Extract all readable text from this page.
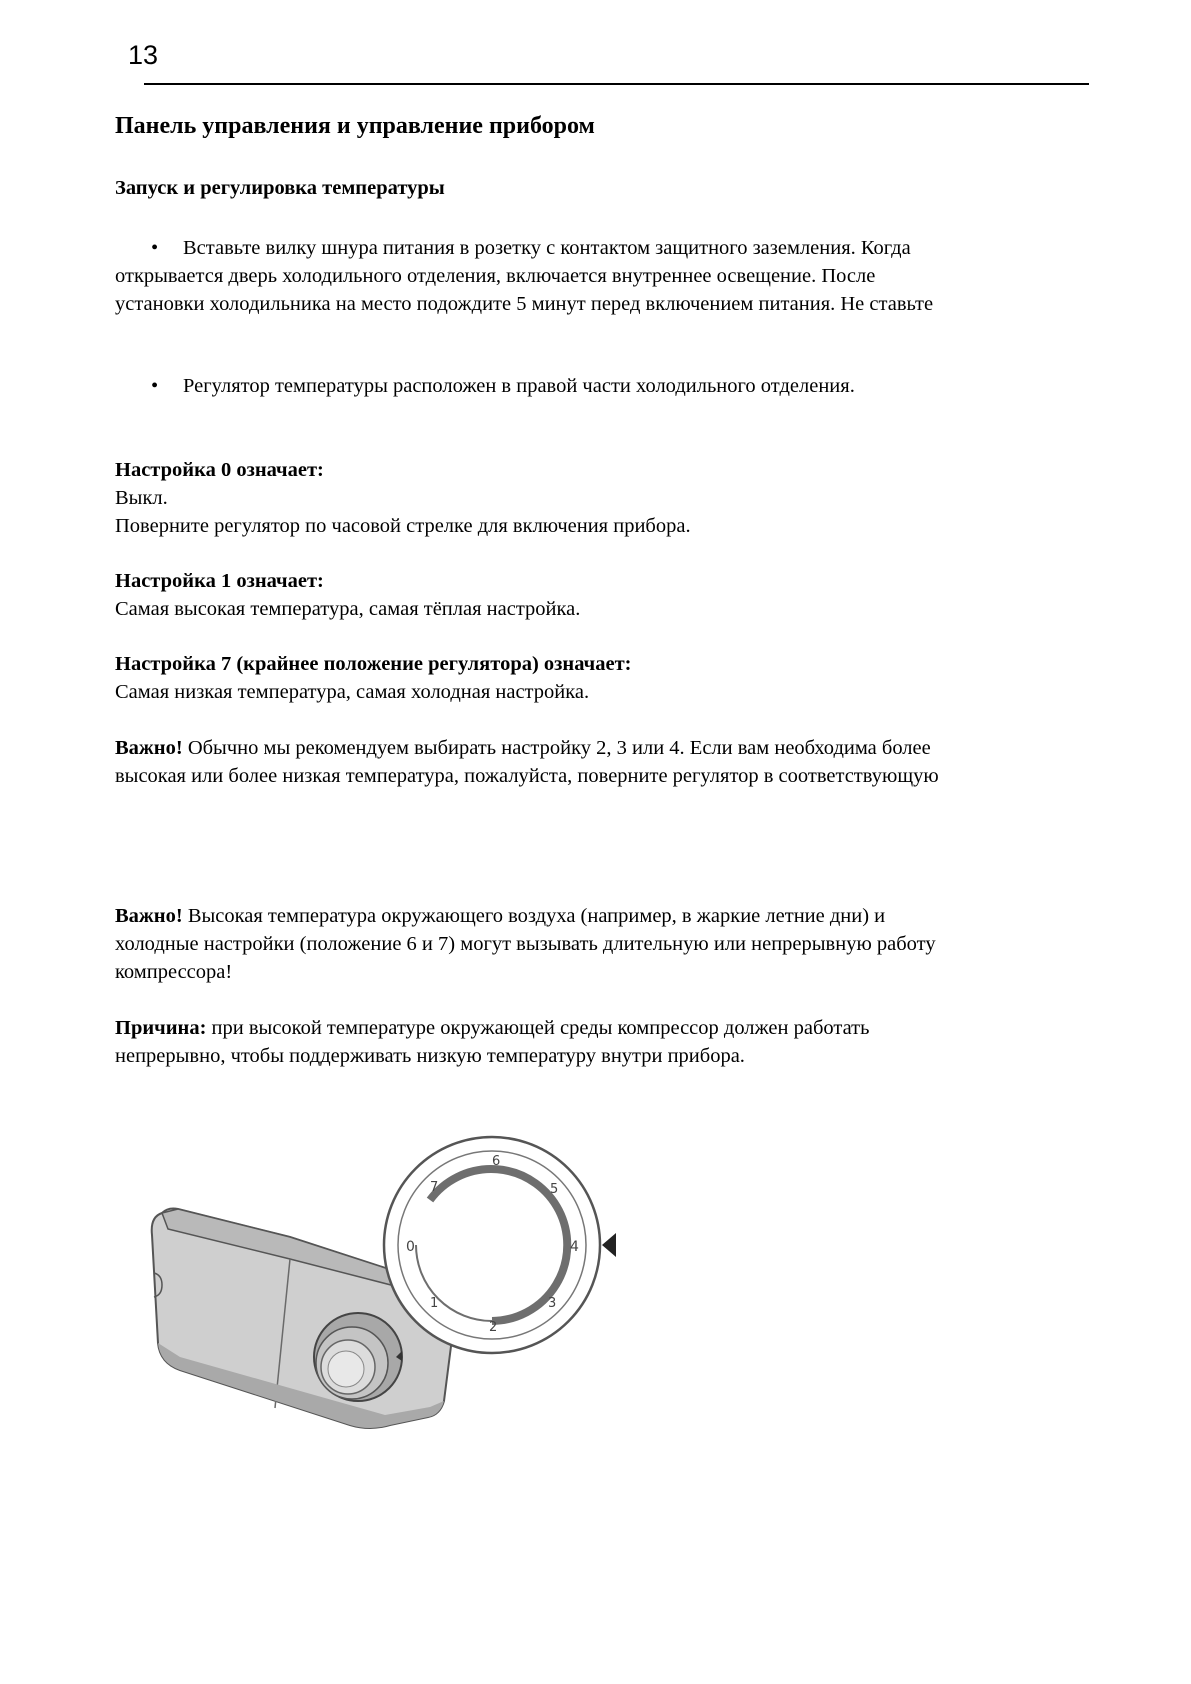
13
Панель управления и управление прибором
Запуск и регулировка температуры
• Вставьте вилку шнура питания в розетку с контактом защитного заземления. Когда
открывается дверь холодильного отделения, включается внутреннее освещение. После
установки холодильника на место подождите 5 минут перед включением питания. Не ставьте
• Регулятор температуры расположен в правой части холодильного отделения.
Настройка 0 означает:
Выкл.
Поверните регулятор по часовой стрелке для включения прибора.
Настройка 1 означает:
Самая высокая температура, самая тёплая настройка.
Настройка 7 (крайнее положение регулятора) означает:
Самая низкая температура, самая холодная настройка.
Важно! Обычно мы рекомендуем выбирать настройку 2, 3 или 4. Если вам необходима более
высокая или более низкая температура, пожалуйста, поверните регулятор в соответствующую
Важно! Высокая температура окружающего воздуха (например, в жаркие летние дни) и
холодные настройки (положение 6 и 7) могут вызывать длительную или непрерывную работу
компрессора!
Причина: при высокой температуре окружающей среды компрессор должен работать
непрерывно, чтобы поддерживать низкую температуру внутри прибора.
0
1
2
3
4
5
6
7
